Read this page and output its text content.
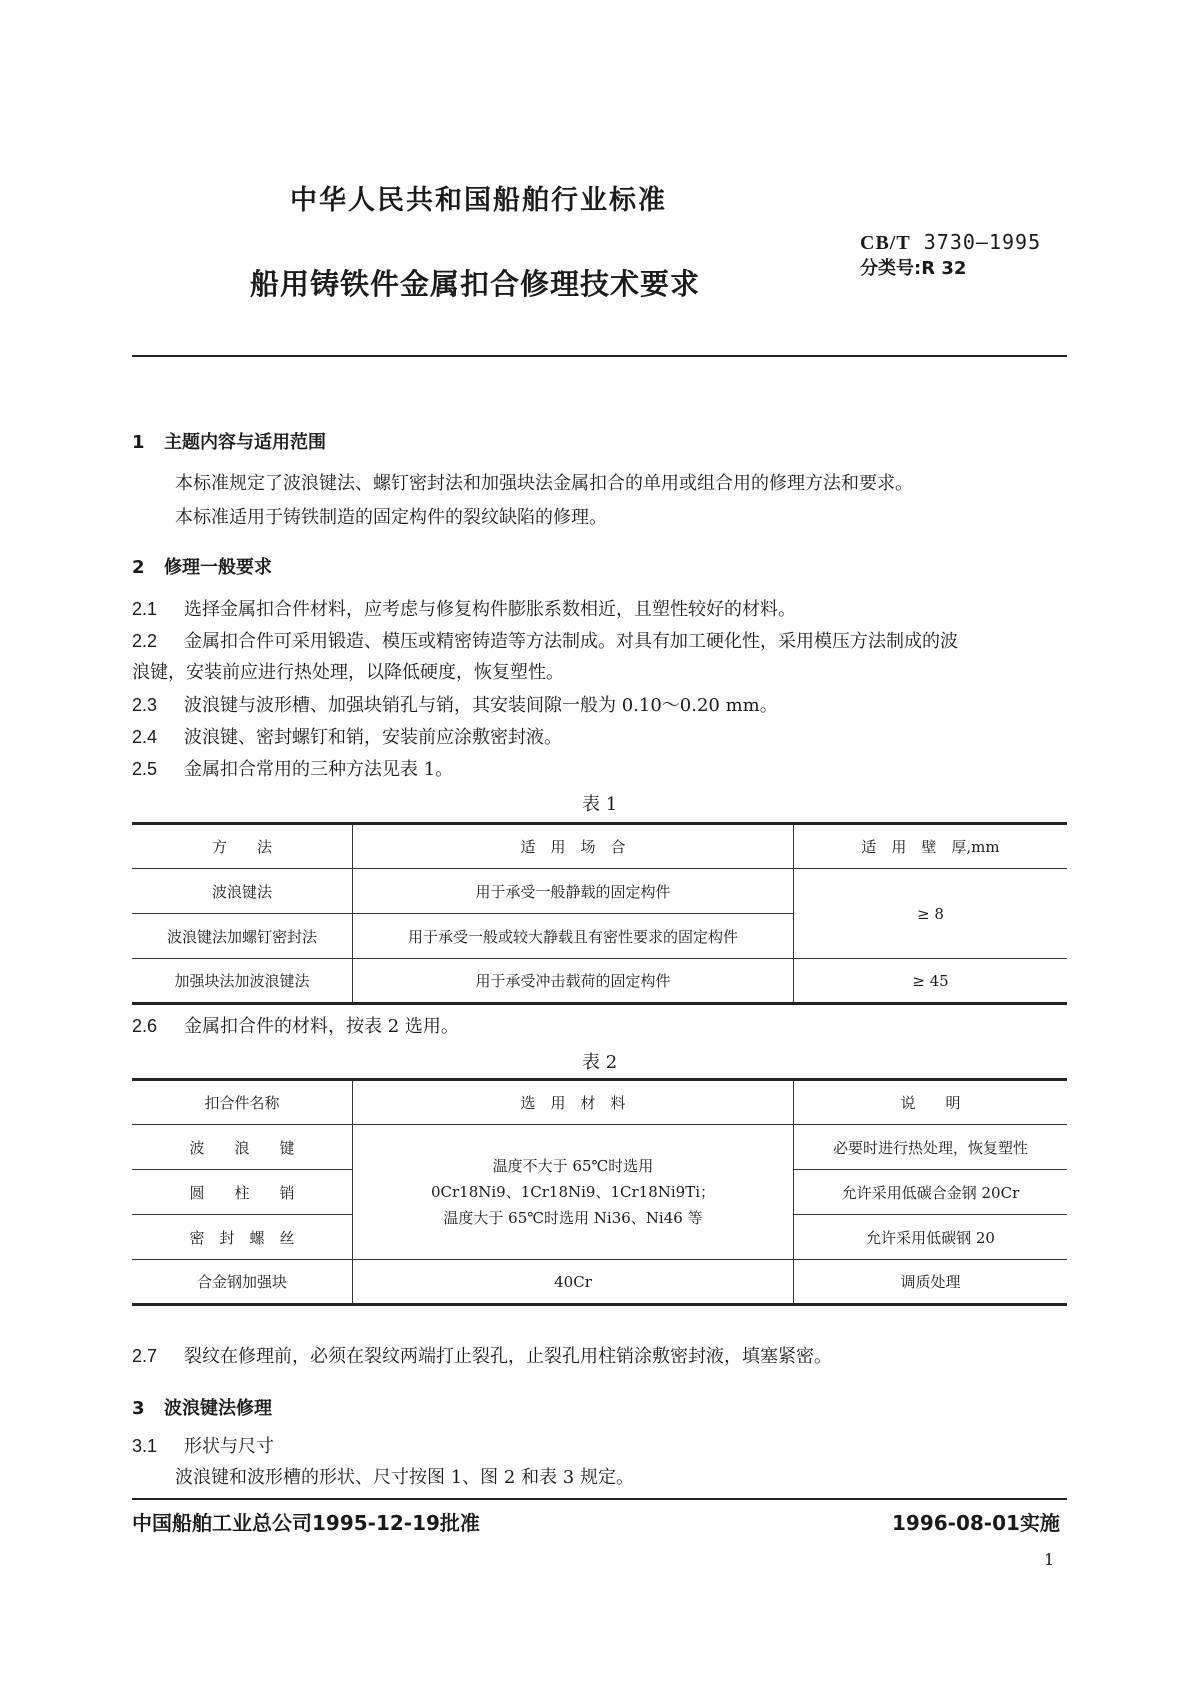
中华人民共和国船舶行业标准
船用铸铁件金属扣合修理技术要求
CB/T 3730—1995
分类号:R 32
1 主题内容与适用范围
本标准规定了波浪键法、螺钉密封法和加强块法金属扣合的单用或组合用的修理方法和要求。
本标准适用于铸铁制造的固定构件的裂纹缺陷的修理。
2 修理一般要求
2.1 选择金属扣合件材料，应考虑与修复构件膨胀系数相近，且塑性较好的材料。
2.2 金属扣合件可采用锻造、模压或精密铸造等方法制成。对具有加工硬化性，采用模压方法制成的波
浪键，安装前应进行热处理，以降低硬度，恢复塑性。
2.3 波浪键与波形槽、加强块销孔与销，其安装间隙一般为 0.10～0.20 mm。
2.4 波浪键、密封螺钉和销，安装前应涂敷密封液。
2.5 金属扣合常用的三种方法见表 1。
表 1
方　　法	适　用　场　合	适　用　壁　厚,mm
波浪键法	用于承受一般静载的固定构件	≥ 8
波浪键法加螺钉密封法	用于承受一般或较大静载且有密性要求的固定构件	
加强块法加波浪键法	用于承受冲击载荷的固定构件	≥ 45
2.6 金属扣合件的材料，按表 2 选用。
表 2
扣合件名称	选　用　材　料	说　　明
波　　浪　　键	温度不大于 65℃时选用
0Cr18Ni9、1Cr18Ni9、1Cr18Ni9Ti；
温度大于 65℃时选用 Ni36、Ni46 等	必要时进行热处理，恢复塑性
圆　　柱　　销		允许采用低碳合金钢 20Cr
密　封　螺　丝		允许采用低碳钢 20
合金钢加强块	40Cr	调质处理
2.7 裂纹在修理前，必须在裂纹两端打止裂孔，止裂孔用柱销涂敷密封液，填塞紧密。
3 波浪键法修理
3.1 形状与尺寸
波浪键和波形槽的形状、尺寸按图 1、图 2 和表 3 规定。
中国船舶工业总公司1995-12-19批准	1996-08-01实施
1
